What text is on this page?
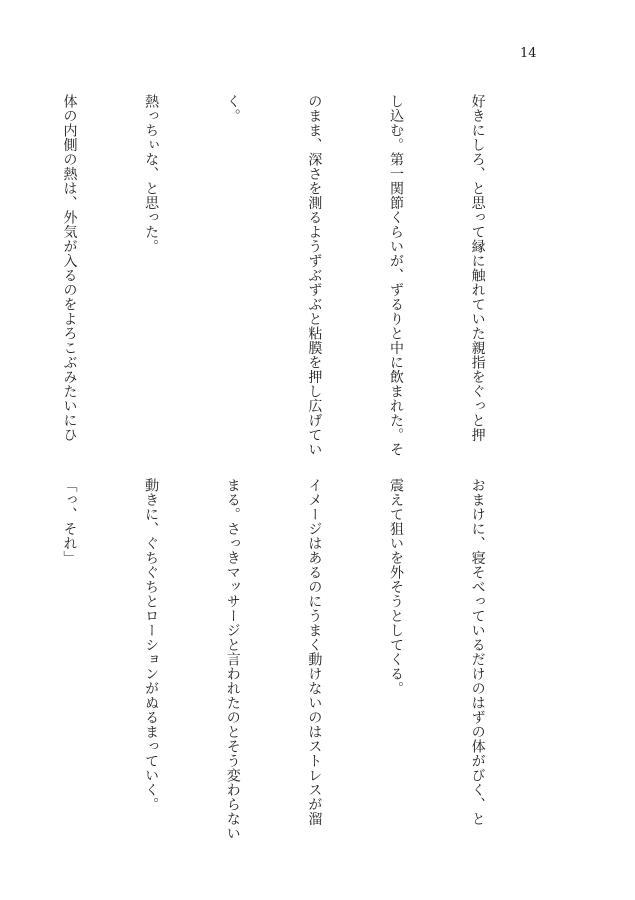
14

好きにしろ、と思って縁に触れていた親指をぐっと押

し込む。第一関節くらいが、ずるりと中に飲まれた。そ

のまま、深さを測るようずぶずぶと粘膜を押し広げてい

く。

熱っちぃな、と思った。

体の内側の熱は、外気が入るのをよろこぶみたいにひ

おまけに、寝そべっているだけのはずの体がびく、と

震えて狙いを外そうとしてくる。

イメージはあるのにうまく動けないのはストレスが溜

まる。さっきマッサージと言われたのとそう変わらない

動きに、ぐちぐちとローションがぬるまっていく。

「っ、それ」
